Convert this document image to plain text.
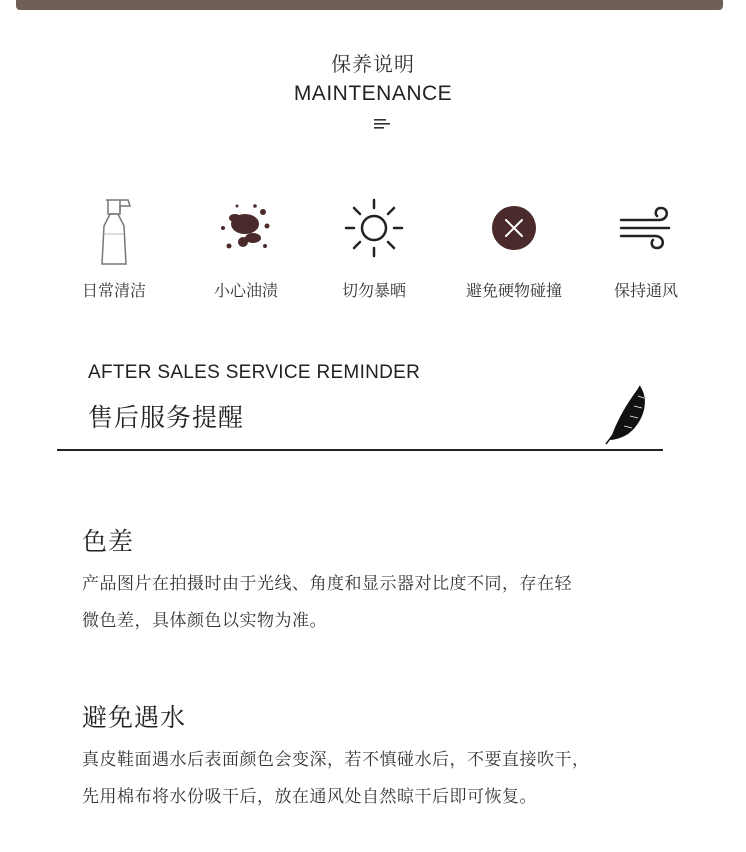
保养说明
MAINTENANCE
日常清洁	小心油渍	切勿暴晒	避免硬物碰撞	保持通风
AFTER SALES SERVICE REMINDER
售后服务提醒
色差
产品图片在拍摄时由于光线、角度和显示器对比度不同，存在轻
微色差，具体颜色以实物为准。
避免遇水
真皮鞋面遇水后表面颜色会变深，若不慎碰水后，不要直接吹干，
先用棉布将水份吸干后，放在通风处自然晾干后即可恢复。
